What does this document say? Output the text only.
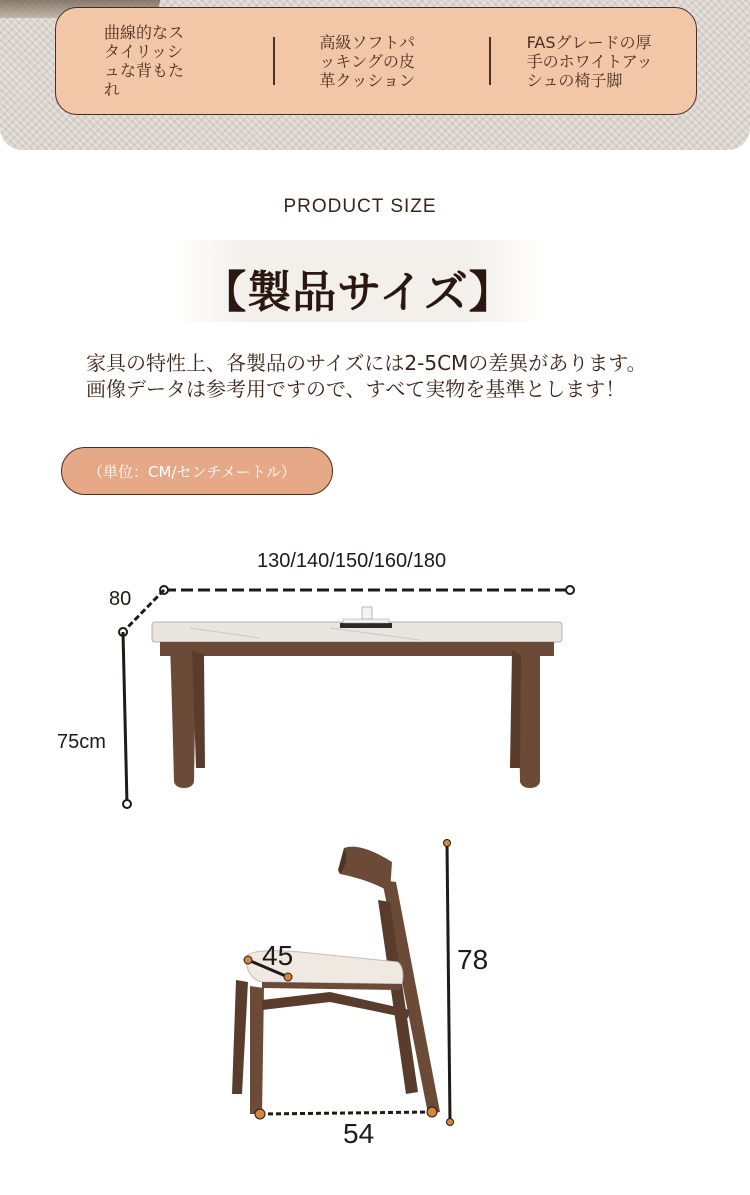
曲線的なス
タイリッシ
ュな背もた
れ
高級ソフトパ
ッキングの皮
革クッション
FASグレードの厚
手のホワイトアッ
シュの椅子脚
PRODUCT SIZE
【製品サイズ】
家具の特性上、各製品のサイズには2-5CMの差異があります。
画像データは参考用ですので、すべて実物を基準とします！
（単位：CM/センチメートル）
130/140/150/160/180
80
75cm
45	78
54
